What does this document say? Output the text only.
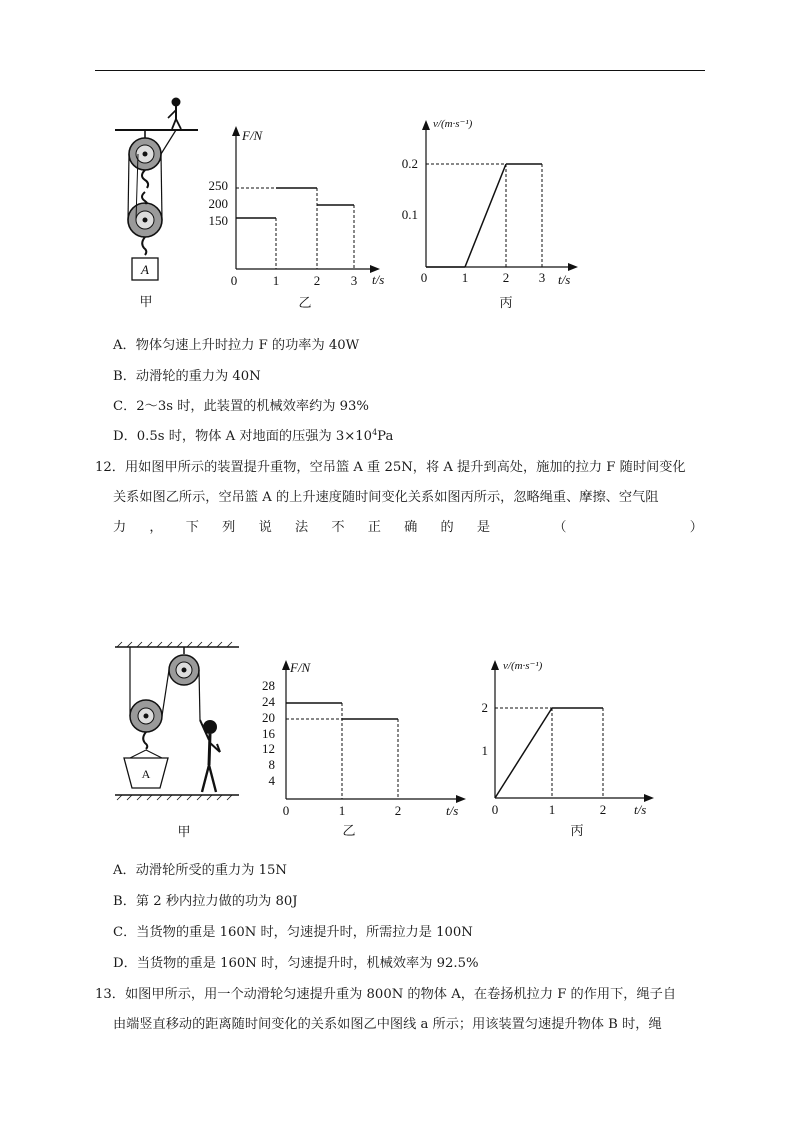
A
甲
F/N
t/s
250
200
150
0	1	2 3
乙
v/(m·s⁻¹)
t/s
0.2
0.1
0	1	2 3
丙
A．物体匀速上升时拉力 F 的功率为 40W
B．动滑轮的重力为 40N
C．2～3s 时，此装置的机械效率约为 93%
D．0.5s 时，物体 A 对地面的压强为 $3\times 10^4Pa$
12．用如图甲所示的装置提升重物，空吊篮 A 重 25N，将 A 提升到高处，施加的拉力 F 随时间变化
关系如图乙所示，空吊篮 A 的上升速度随时间变化关系如图丙所示，忽略绳重、摩擦、空气阻
力 ， 下 列 说 法 不 正 确 的 是	（	）
A
甲
F/N
t/s
28
24
20
16
12
8
4
0	1	2
乙
v/(m·s⁻¹)
t/s
2
1
0	1	2
丙
A．动滑轮所受的重力为 15N
B．第 2 秒内拉力做的功为 80J
C．当货物的重是 160N 时，匀速提升时，所需拉力是 100N
D．当货物的重是 160N 时，匀速提升时，机械效率为 92.5%
13．如图甲所示，用一个动滑轮匀速提升重为 800N 的物体 A，在卷扬机拉力 F 的作用下，绳子自
由端竖直移动的距离随时间变化的关系如图乙中图线 a 所示；用该装置匀速提升物体 B 时，绳
